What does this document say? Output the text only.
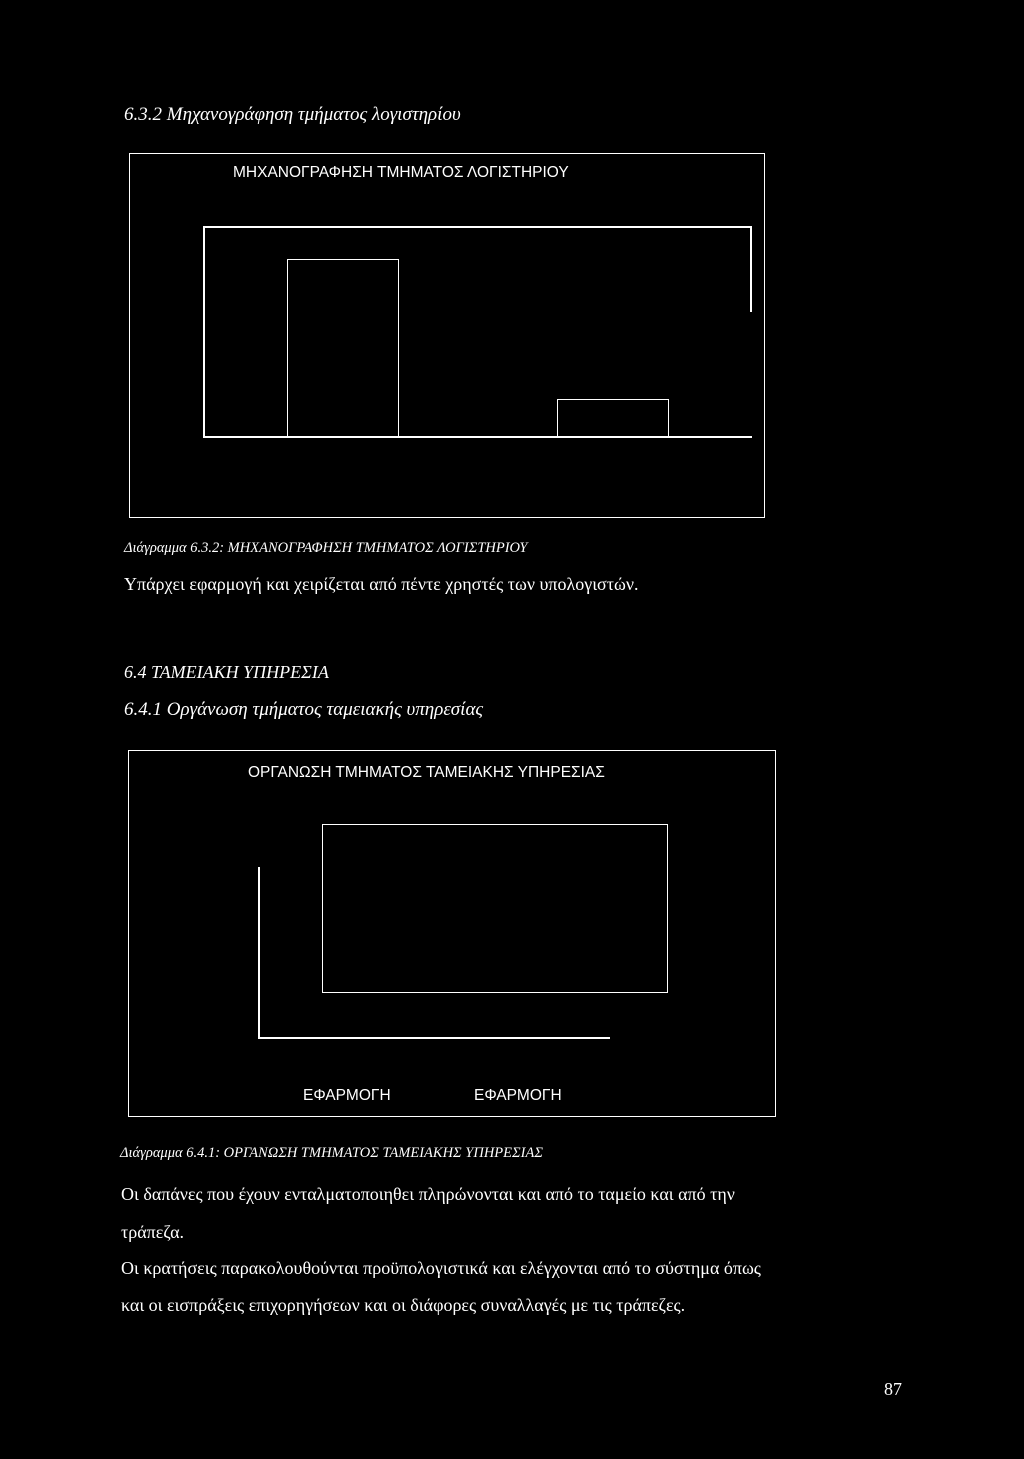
6.3.2 Μηχανογράφηση τμήματος λογιστηρίου
ΜΗΧΑΝΟΓΡΑΦΗΣΗ ΤΜΗΜΑΤΟΣ ΛΟΓΙΣΤΗΡΙΟΥ
Διάγραμμα 6.3.2: ΜΗΧΑΝΟΓΡΑΦΗΣΗ ΤΜΗΜΑΤΟΣ ΛΟΓΙΣΤΗΡΙΟΥ
Υπάρχει εφαρμογή και χειρίζεται από πέντε χρηστές των υπολογιστών.
6.4 ΤΑΜΕΙΑΚΗ ΥΠΗΡΕΣΙΑ
6.4.1 Οργάνωση τμήματος ταμειακής υπηρεσίας
ΟΡΓΑΝΩΣΗ ΤΜΗΜΑΤΟΣ ΤΑΜΕΙΑΚΗΣ ΥΠΗΡΕΣΙΑΣ
ΕΦΑΡΜΟΓΗ	ΕΦΑΡΜΟΓΗ
Διάγραμμα 6.4.1: ΟΡΓΑΝΩΣΗ ΤΜΗΜΑΤΟΣ ΤΑΜΕΙΑΚΗΣ ΥΠΗΡΕΣΙΑΣ
Οι δαπάνες που έχουν ενταλματοποιηθει πληρώνονται και από το ταμείο και από την
τράπεζα.
Οι κρατήσεις παρακολουθούνται προϋπολογιστικά και ελέγχονται από το σύστημα όπως
και οι εισπράξεις επιχορηγήσεων και οι διάφορες συναλλαγές με τις τράπεζες.
87
